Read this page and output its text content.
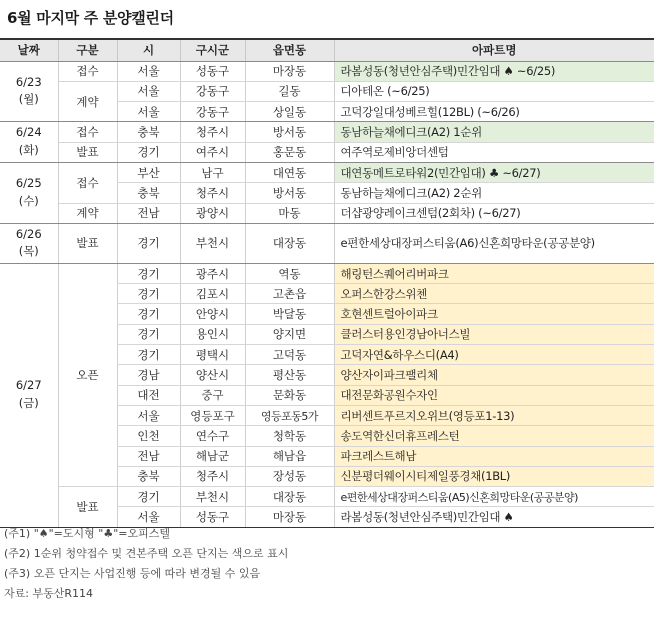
6월 마지막 주 분양캘린더
날짜	구분	시	구시군	읍면동	아파트명
6/23
(월)	접수	서울	성동구	마장동	라봄성동(청년안심주택)민간임대 ♠ ~6/25)
	계약	서울	강동구	길동	디아테온 (~6/25)
		서울	강동구	상일동	고덕강일대성베르힐(12BL) (~6/26)
6/24
(화)	접수	충북	청주시	방서동	동남하늘채에디크(A2) 1순위
	발표	경기	여주시	홍문동	여주역로제비앙더센텀
6/25
(수)	접수	부산	남구	대연동	대연동메트로타워2(민간임대) ♣ ~6/27)
		충북	청주시	방서동	동남하늘채에디크(A2) 2순위
	계약	전남	광양시	마동	더샵광양레이크센텀(2회차) (~6/27)
6/26
(목)	발표	경기	부천시	대장동	e편한세상대장퍼스티움(A6)신혼희망타운(공공분양)
6/27
(금)	오픈	경기	광주시	역동	해링턴스퀘어리버파크
		경기	김포시	고촌읍	오퍼스한강스위첸
		경기	안양시	박달동	호현센트럴아이파크
		경기	용인시	양지면	클러스터용인경남아너스빌
		경기	평택시	고덕동	고덕자연&하우스디(A4)
		경남	양산시	평산동	양산자이파크팰리체
		대전	중구	문화동	대전문화공원수자인
		서울	영등포구	영등포동5가	리버센트푸르지오위브(영등포1-13)
		인천	연수구	청학동	송도역한신더휴프레스턴
		전남	해남군	해남읍	파크레스트해남
		충북	청주시	장성동	신분평더웨이시티제일풍경채(1BL)
	발표	경기	부천시	대장동	e편한세상대장퍼스티움(A5)신혼희망타운(공공분양)
		서울	성동구	마장동	라봄성동(청년안심주택)민간임대 ♠
(주1) "♠"=도시형 "♣"=오피스텔
(주2) 1순위 청약접수 및 견본주택 오픈 단지는 색으로 표시
(주3) 오픈 단지는 사업진행 등에 따라 변경될 수 있음
자료: 부동산R114
